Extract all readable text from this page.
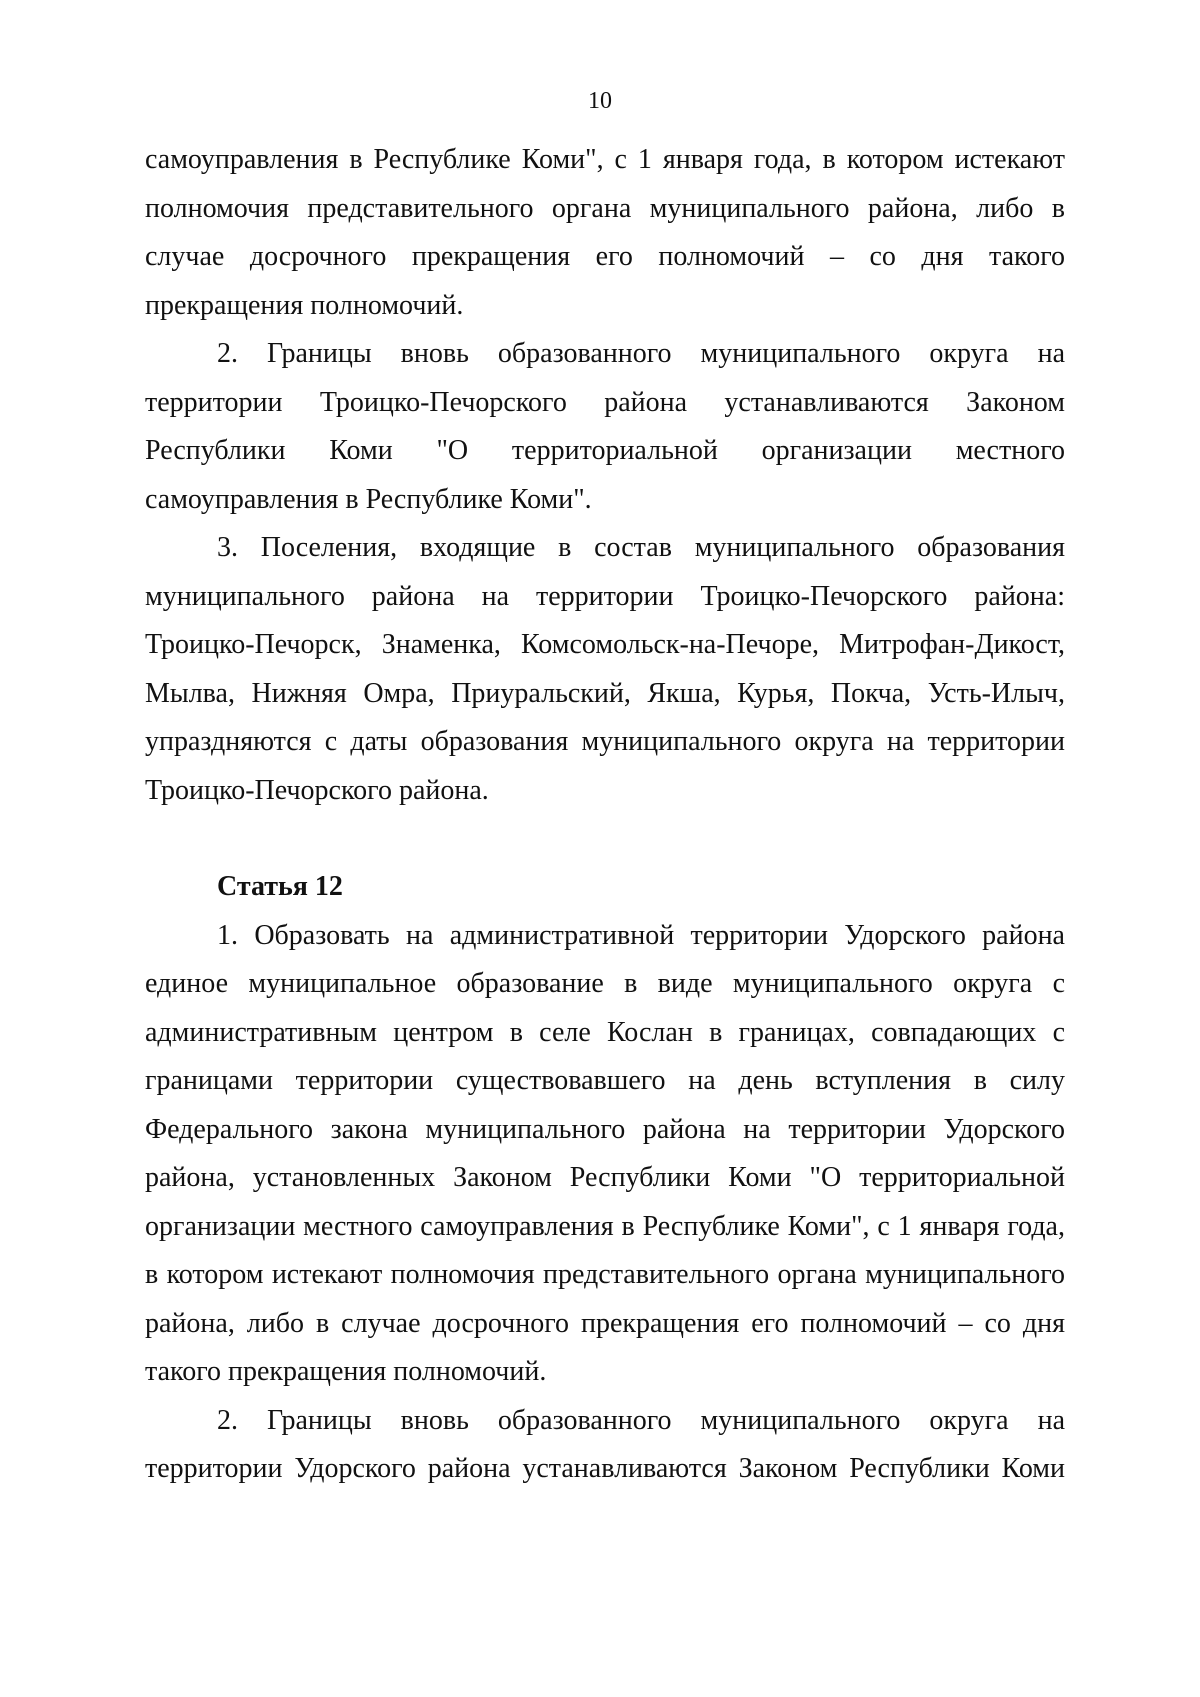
10

самоуправления в Республике Коми", с 1 января года, в котором истекают полномочия представительного органа муниципального района, либо в случае досрочного прекращения его полномочий – со дня такого прекращения полномочий.

2. Границы вновь образованного муниципального округа на территории Троицко-Печорского района устанавливаются Законом Республики Коми "О территориальной организации местного самоуправления в Республике Коми".

3. Поселения, входящие в состав муниципального образования муниципального района на территории Троицко-Печорского района: Троицко-Печорск, Знаменка, Комсомольск-на-Печоре, Митрофан-Дикост, Мылва, Нижняя Омра, Приуральский, Якша, Курья, Покча, Усть-Илыч, упраздняются с даты образования муниципального округа на территории Троицко-Печорского района.

Статья 12

1. Образовать на административной территории Удорского района единое муниципальное образование в виде муниципального округа с административным центром в селе Кослан в границах, совпадающих с границами территории существовавшего на день вступления в силу Федерального закона муниципального района на территории Удорского района, установленных Законом Республики Коми "О территориальной организации местного самоуправления в Республике Коми", с 1 января года, в котором истекают полномочия представительного органа муниципального района, либо в случае досрочного прекращения его полномочий – со дня такого прекращения полномочий.

2. Границы вновь образованного муниципального округа на территории Удорского района устанавливаются Законом Республики Коми
